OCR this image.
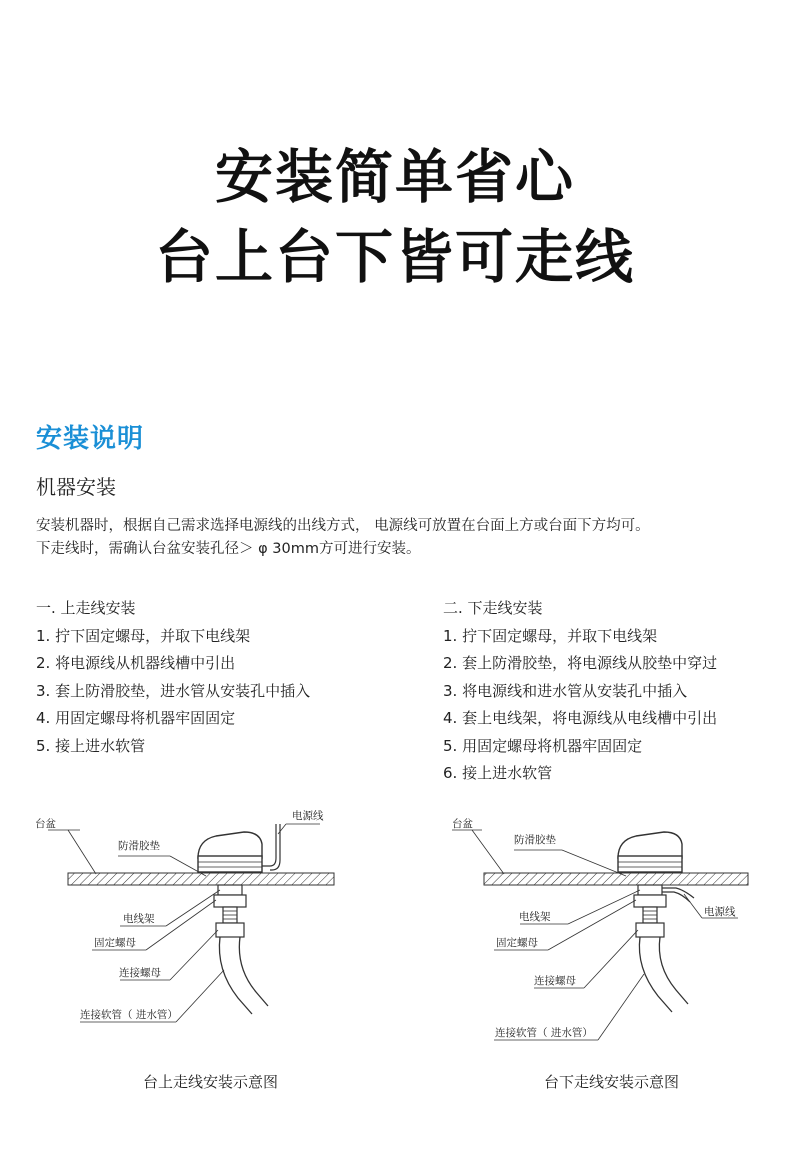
安装简单省心
台上台下皆可走线
安装说明
机器安装
安装机器时，根据自己需求选择电源线的出线方式， 电源线可放置在台面上方或台面下方均可。
下走线时，需确认台盆安装孔径＞ φ 30mm方可进行安装。
一. 上走线安装
1. 拧下固定螺母，并取下电线架
2. 将电源线从机器线槽中引出
3. 套上防滑胶垫，进水管从安装孔中插入
4. 用固定螺母将机器牢固固定
5. 接上进水软管
二. 下走线安装
1. 拧下固定螺母，并取下电线架
2. 套上防滑胶垫，将电源线从胶垫中穿过
3. 将电源线和进水管从安装孔中插入
4. 套上电线架，将电源线从电线槽中引出
5. 用固定螺母将机器牢固固定
6. 接上进水软管
台盆
电源线
防滑胶垫
电线架
固定螺母
连接螺母
连接软管（ 进水管）
台盆
防滑胶垫
电线架	电源线
固定螺母
连接螺母
连接软管（ 进水管）
台上走线安装示意图	台下走线安装示意图
